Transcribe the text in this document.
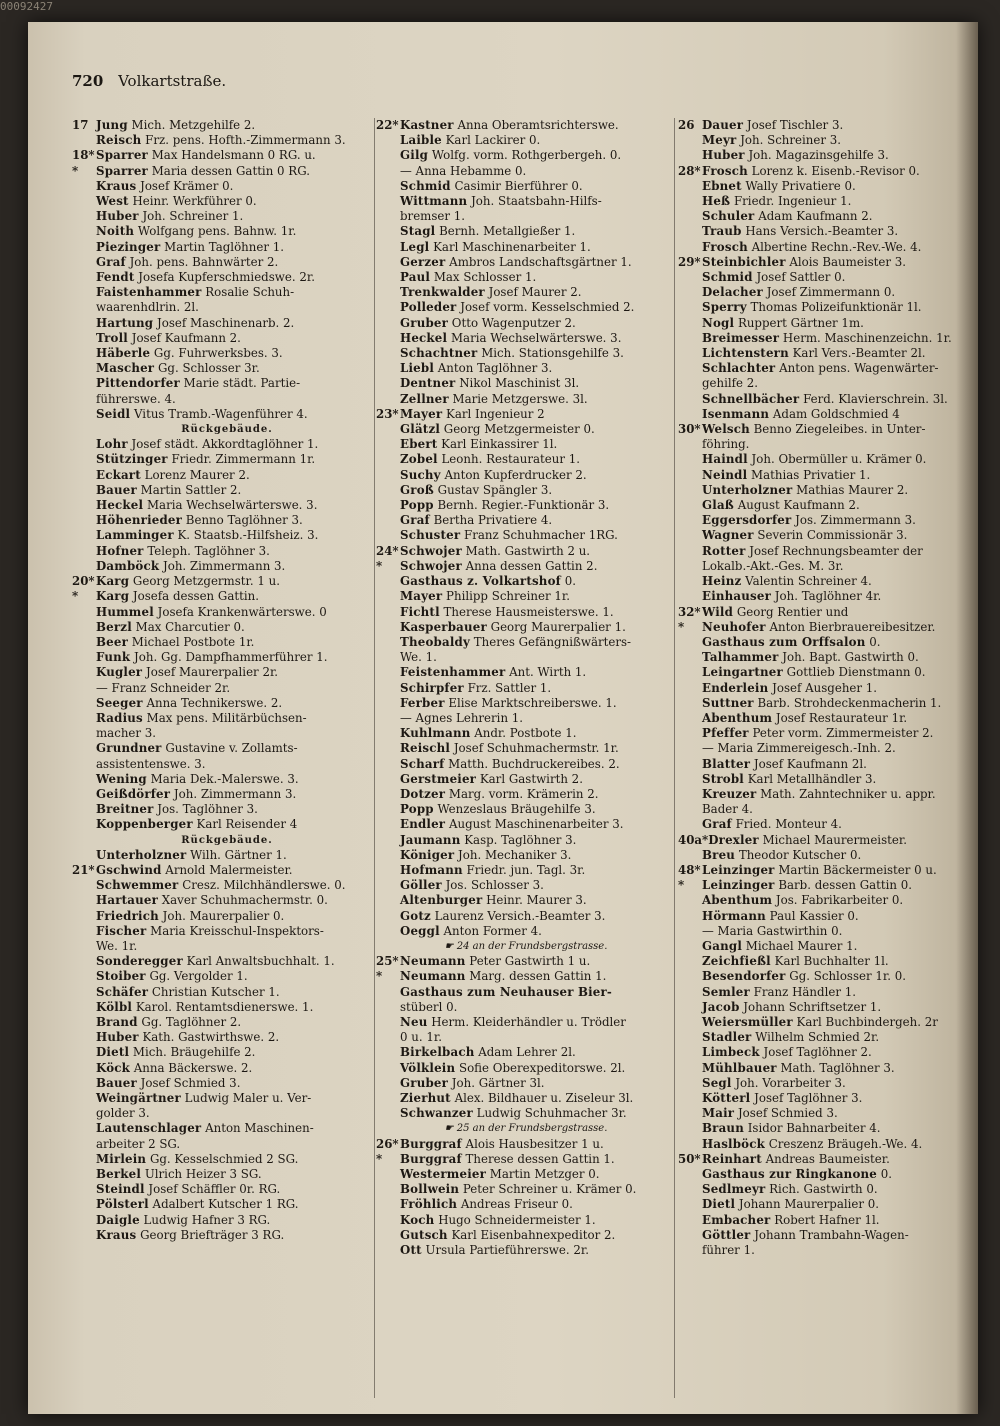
720 Volkartstraße.
17 Jung Mich. Metzgehilfe 2.
Reisch Frz. pens. Hofth.-Zimmermann 3.
18*Sparrer Max Handelsmann 0 RG. u.
* Sparrer Maria dessen Gattin 0 RG.
Kraus Josef Krämer 0.
West Heinr. Werkführer 0.
Huber Joh. Schreiner 1.
Noith Wolfgang pens. Bahnw. 1r.
Piezinger Martin Taglöhner 1.
Graf Joh. pens. Bahnwärter 2.
Fendt Josefa Kupferschmiedswe. 2r.
Faistenhammer Rosalie Schuh-
waarenhdlrin. 2l.
Hartung Josef Maschinenarb. 2.
Troll Josef Kaufmann 2.
Häberle Gg. Fuhrwerksbes. 3.
Mascher Gg. Schlosser 3r.
Pittendorfer Marie städt. Partie-
führerswe. 4.
Seidl Vitus Tramb.-Wagenführer 4.
Rückgebäude.
Lohr Josef städt. Akkordtaglöhner 1.
Stützinger Friedr. Zimmermann 1r.
Eckart Lorenz Maurer 2.
Bauer Martin Sattler 2.
Heckel Maria Wechselwärterswe. 3.
Höhenrieder Benno Taglöhner 3.
Lamminger K. Staatsb.-Hilfsheiz. 3.
Hofner Teleph. Taglöhner 3.
Damböck Joh. Zimmermann 3.
20*Karg Georg Metzgermstr. 1 u.
* Karg Josefa dessen Gattin.
Hummel Josefa Krankenwärterswe. 0
Berzl Max Charcutier 0.
Beer Michael Postbote 1r.
Funk Joh. Gg. Dampfhammerführer 1.
Kugler Josef Maurerpalier 2r.
— Franz Schneider 2r.
Seeger Anna Technikerswe. 2.
Radius Max pens. Militärbüchsen-
macher 3.
Grundner Gustavine v. Zollamts-
assistentenswe. 3.
Wening Maria Dek.-Malerswe. 3.
Geißdörfer Joh. Zimmermann 3.
Breitner Jos. Taglöhner 3.
Koppenberger Karl Reisender 4
Rückgebäude.
Unterholzner Wilh. Gärtner 1.
21*Gschwind Arnold Malermeister.
Schwemmer Cresz. Milchhändlerswe. 0.
Hartauer Xaver Schuhmachermstr. 0.
Friedrich Joh. Maurerpalier 0.
Fischer Maria Kreisschul-Inspektors-
We. 1r.
Sonderegger Karl Anwaltsbuchhalt. 1.
Stoiber Gg. Vergolder 1.
Schäfer Christian Kutscher 1.
Kölbl Karol. Rentamtsdienerswe. 1.
Brand Gg. Taglöhner 2.
Huber Kath. Gastwirthswe. 2.
Dietl Mich. Bräugehilfe 2.
Köck Anna Bäckerswe. 2.
Bauer Josef Schmied 3.
Weingärtner Ludwig Maler u. Ver-
golder 3.
Lautenschlager Anton Maschinen-
arbeiter 2 SG.
Mirlein Gg. Kesselschmied 2 SG.
Berkel Ulrich Heizer 3 SG.
Steindl Josef Schäffler 0r. RG.
Pölsterl Adalbert Kutscher 1 RG.
Daigle Ludwig Hafner 3 RG.
Kraus Georg Briefträger 3 RG.
22*Kastner Anna Oberamtsrichterswe.
Laible Karl Lackirer 0.
Gilg Wolfg. vorm. Rothgerbergeh. 0.
— Anna Hebamme 0.
Schmid Casimir Bierführer 0.
Wittmann Joh. Staatsbahn-Hilfs-
bremser 1.
Stagl Bernh. Metallgießer 1.
Legl Karl Maschinenarbeiter 1.
Gerzer Ambros Landschaftsgärtner 1.
Paul Max Schlosser 1.
Trenkwalder Josef Maurer 2.
Polleder Josef vorm. Kesselschmied 2.
Gruber Otto Wagenputzer 2.
Heckel Maria Wechselwärterswe. 3.
Schachtner Mich. Stationsgehilfe 3.
Liebl Anton Taglöhner 3.
Dentner Nikol Maschinist 3l.
Zellner Marie Metzgerswe. 3l.
23*Mayer Karl Ingenieur 2
Glätzl Georg Metzgermeister 0.
Ebert Karl Einkassirer 1l.
Zobel Leonh. Restaurateur 1.
Suchy Anton Kupferdrucker 2.
Groß Gustav Spängler 3.
Popp Bernh. Regier.-Funktionär 3.
Graf Bertha Privatiere 4.
Schuster Franz Schuhmacher 1RG.
24*Schwojer Math. Gastwirth 2 u.
* Schwojer Anna dessen Gattin 2.
Gasthaus z. Volkartshof 0.
Mayer Philipp Schreiner 1r.
Fichtl Therese Hausmeisterswe. 1.
Kasperbauer Georg Maurerpalier 1.
Theobaldy Theres Gefängnißwärters-
We. 1.
Feistenhammer Ant. Wirth 1.
Schirpfer Frz. Sattler 1.
Ferber Elise Marktschreiberswe. 1.
— Agnes Lehrerin 1.
Kuhlmann Andr. Postbote 1.
Reischl Josef Schuhmachermstr. 1r.
Scharf Matth. Buchdruckereibes. 2.
Gerstmeier Karl Gastwirth 2.
Dotzer Marg. vorm. Krämerin 2.
Popp Wenzeslaus Bräugehilfe 3.
Endler August Maschinenarbeiter 3.
Jaumann Kasp. Taglöhner 3.
Königer Joh. Mechaniker 3.
Hofmann Friedr. jun. Tagl. 3r.
Göller Jos. Schlosser 3.
Altenburger Heinr. Maurer 3.
Gotz Laurenz Versich.-Beamter 3.
Oeggl Anton Former 4.
☛ 24 an der Frundsbergstrasse.
25*Neumann Peter Gastwirth 1 u.
* Neumann Marg. dessen Gattin 1.
Gasthaus zum Neuhauser Bier-
stüberl 0.
Neu Herm. Kleiderhändler u. Trödler
0 u. 1r.
Birkelbach Adam Lehrer 2l.
Völklein Sofie Oberexpeditorswe. 2l.
Gruber Joh. Gärtner 3l.
Zierhut Alex. Bildhauer u. Ziseleur 3l.
Schwanzer Ludwig Schuhmacher 3r.
☛ 25 an der Frundsbergstrasse.
26*Burggraf Alois Hausbesitzer 1 u.
* Burggraf Therese dessen Gattin 1.
Westermeier Martin Metzger 0.
Bollwein Peter Schreiner u. Krämer 0.
Fröhlich Andreas Friseur 0.
Koch Hugo Schneidermeister 1.
Gutsch Karl Eisenbahnexpeditor 2.
Ott Ursula Partieführerswe. 2r.
26 Dauer Josef Tischler 3.
Meyr Joh. Schreiner 3.
Huber Joh. Magazinsgehilfe 3.
28*Frosch Lorenz k. Eisenb.-Revisor 0.
Ebnet Wally Privatiere 0.
Heß Friedr. Ingenieur 1.
Schuler Adam Kaufmann 2.
Traub Hans Versich.-Beamter 3.
Frosch Albertine Rechn.-Rev.-We. 4.
29*Steinbichler Alois Baumeister 3.
Schmid Josef Sattler 0.
Delacher Josef Zimmermann 0.
Sperry Thomas Polizeifunktionär 1l.
Nogl Ruppert Gärtner 1m.
Breimesser Herm. Maschinenzeichn. 1r.
Lichtenstern Karl Vers.-Beamter 2l.
Schlachter Anton pens. Wagenwärter-
gehilfe 2.
Schnellbächer Ferd. Klavierschrein. 3l.
Isenmann Adam Goldschmied 4
30*Welsch Benno Ziegeleibes. in Unter-
föhring.
Haindl Joh. Obermüller u. Krämer 0.
Neindl Mathias Privatier 1.
Unterholzner Mathias Maurer 2.
Glaß August Kaufmann 2.
Eggersdorfer Jos. Zimmermann 3.
Wagner Severin Commissionär 3.
Rotter Josef Rechnungsbeamter der
Lokalb.-Akt.-Ges. M. 3r.
Heinz Valentin Schreiner 4.
Einhauser Joh. Taglöhner 4r.
32*Wild Georg Rentier und
* Neuhofer Anton Bierbrauereibesitzer.
Gasthaus zum Orffsalon 0.
Talhammer Joh. Bapt. Gastwirth 0.
Leingartner Gottlieb Dienstmann 0.
Enderlein Josef Ausgeher 1.
Suttner Barb. Strohdeckenmacherin 1.
Abenthum Josef Restaurateur 1r.
Pfeffer Peter vorm. Zimmermeister 2.
— Maria Zimmereigesch.-Inh. 2.
Blatter Josef Kaufmann 2l.
Strobl Karl Metallhändler 3.
Kreuzer Math. Zahntechniker u. appr.
Bader 4.
Graf Fried. Monteur 4.
40a*Drexler Michael Maurermeister.
Breu Theodor Kutscher 0.
48*Leinzinger Martin Bäckermeister 0 u.
* Leinzinger Barb. dessen Gattin 0.
Abenthum Jos. Fabrikarbeiter 0.
Hörmann Paul Kassier 0.
— Maria Gastwirthin 0.
Gangl Michael Maurer 1.
Zeichfießl Karl Buchhalter 1l.
Besendorfer Gg. Schlosser 1r. 0.
Semler Franz Händler 1.
Jacob Johann Schriftsetzer 1.
Weiersmüller Karl Buchbindergeh. 2r
Stadler Wilhelm Schmied 2r.
Limbeck Josef Taglöhner 2.
Mühlbauer Math. Taglöhner 3.
Segl Joh. Vorarbeiter 3.
Kötterl Josef Taglöhner 3.
Mair Josef Schmied 3.
Braun Isidor Bahnarbeiter 4.
Haslböck Creszenz Bräugeh.-We. 4.
50*Reinhart Andreas Baumeister.
Gasthaus zur Ringkanone 0.
Sedlmeyr Rich. Gastwirth 0.
Dietl Johann Maurerpalier 0.
Embacher Robert Hafner 1l.
Göttler Johann Trambahn-Wagen-
führer 1.
00092427
